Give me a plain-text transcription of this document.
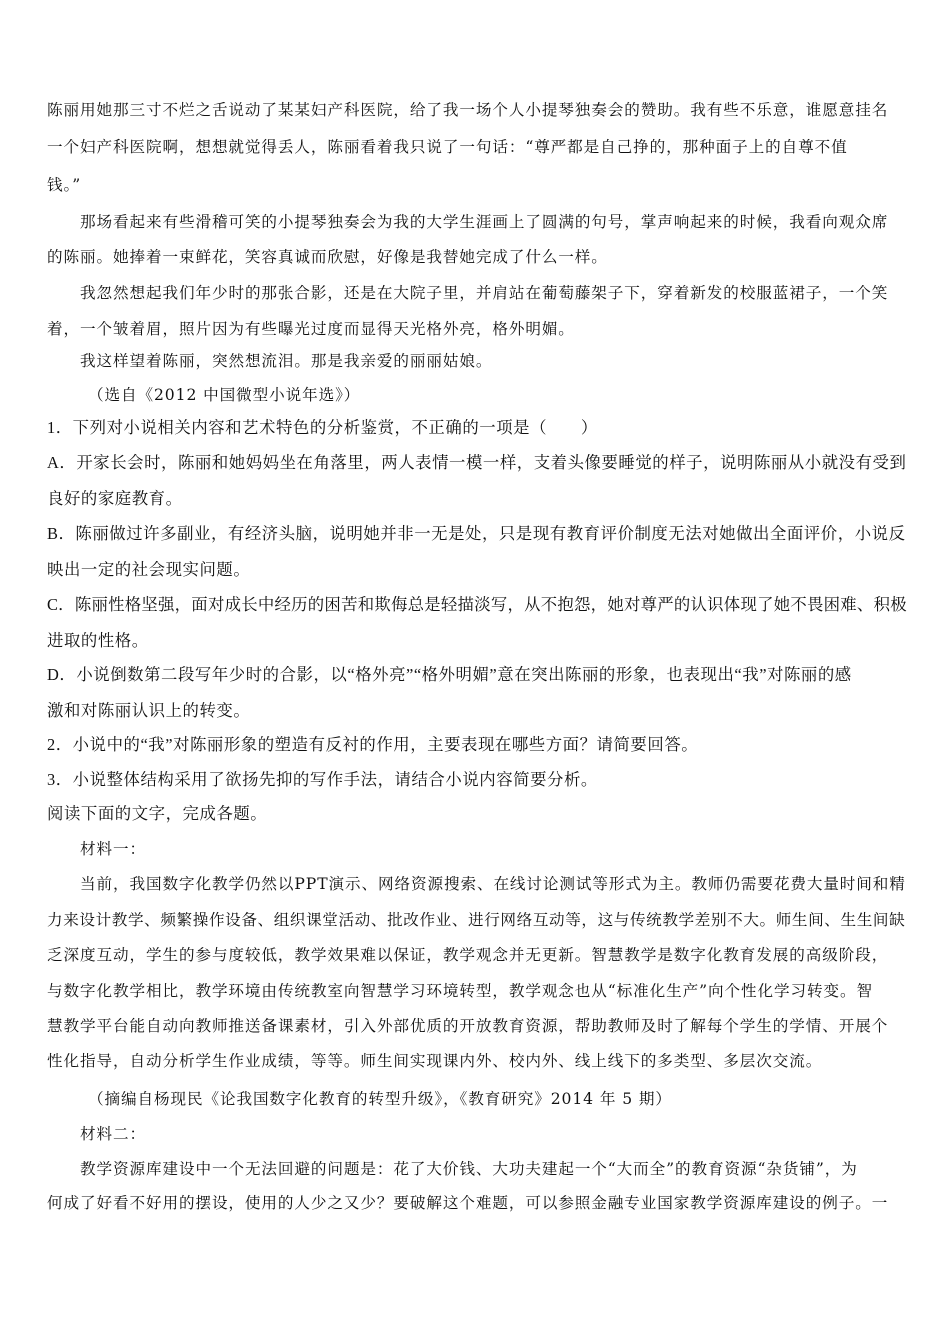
陈丽用她那三寸不烂之舌说动了某某妇产科医院，给了我一场个人小提琴独奏会的赞助。我有些不乐意，谁愿意挂名

一个妇产科医院啊，想想就觉得丢人，陈丽看着我只说了一句话：“尊严都是自己挣的，那种面子上的自尊不值

钱。”

那场看起来有些滑稽可笑的小提琴独奏会为我的大学生涯画上了圆满的句号，掌声响起来的时候，我看向观众席

的陈丽。她捧着一束鲜花，笑容真诚而欣慰，好像是我替她完成了什么一样。

我忽然想起我们年少时的那张合影，还是在大院子里，并肩站在葡萄藤架子下，穿着新发的校服蓝裙子，一个笑

着，一个皱着眉，照片因为有些曝光过度而显得天光格外亮，格外明媚。

我这样望着陈丽，突然想流泪。那是我亲爱的丽丽姑娘。

（选自《2012 中国微型小说年选》）

1．下列对小说相关内容和艺术特色的分析鉴赏，不正确的一项是（　　）

A．开家长会时，陈丽和她妈妈坐在角落里，两人表情一模一样，支着头像要睡觉的样子，说明陈丽从小就没有受到

良好的家庭教育。

B．陈丽做过许多副业，有经济头脑，说明她并非一无是处，只是现有教育评价制度无法对她做出全面评价，小说反

映出一定的社会现实问题。

C．陈丽性格坚强，面对成长中经历的困苦和欺侮总是轻描淡写，从不抱怨，她对尊严的认识体现了她不畏困难、积极

进取的性格。

D．小说倒数第二段写年少时的合影，以“格外亮”“格外明媚”意在突出陈丽的形象，也表现出“我”对陈丽的感

激和对陈丽认识上的转变。

2．小说中的“我”对陈丽形象的塑造有反衬的作用，主要表现在哪些方面？请简要回答。

3．小说整体结构采用了欲扬先抑的写作手法，请结合小说内容简要分析。

阅读下面的文字，完成各题。

材料一：

当前，我国数字化教学仍然以PPT演示、网络资源搜索、在线讨论测试等形式为主。教师仍需要花费大量时间和精

力来设计教学、频繁操作设备、组织课堂活动、批改作业、进行网络互动等，这与传统教学差别不大。师生间、生生间缺

乏深度互动，学生的参与度较低，教学效果难以保证，教学观念并无更新。智慧教学是数字化教育发展的高级阶段，

与数字化教学相比，教学环境由传统教室向智慧学习环境转型，教学观念也从“标准化生产”向个性化学习转变。智

慧教学平台能自动向教师推送备课素材，引入外部优质的开放教育资源，帮助教师及时了解每个学生的学情、开展个

性化指导，自动分析学生作业成绩，等等。师生间实现课内外、校内外、线上线下的多类型、多层次交流。

（摘编自杨现民《论我国数字化教育的转型升级》，《教育研究》2014 年 5 期）

材料二：

教学资源库建设中一个无法回避的问题是：花了大价钱、大功夫建起一个“大而全”的教育资源“杂货铺”，为

何成了好看不好用的摆设，使用的人少之又少？要破解这个难题，可以参照金融专业国家教学资源库建设的例子。一
